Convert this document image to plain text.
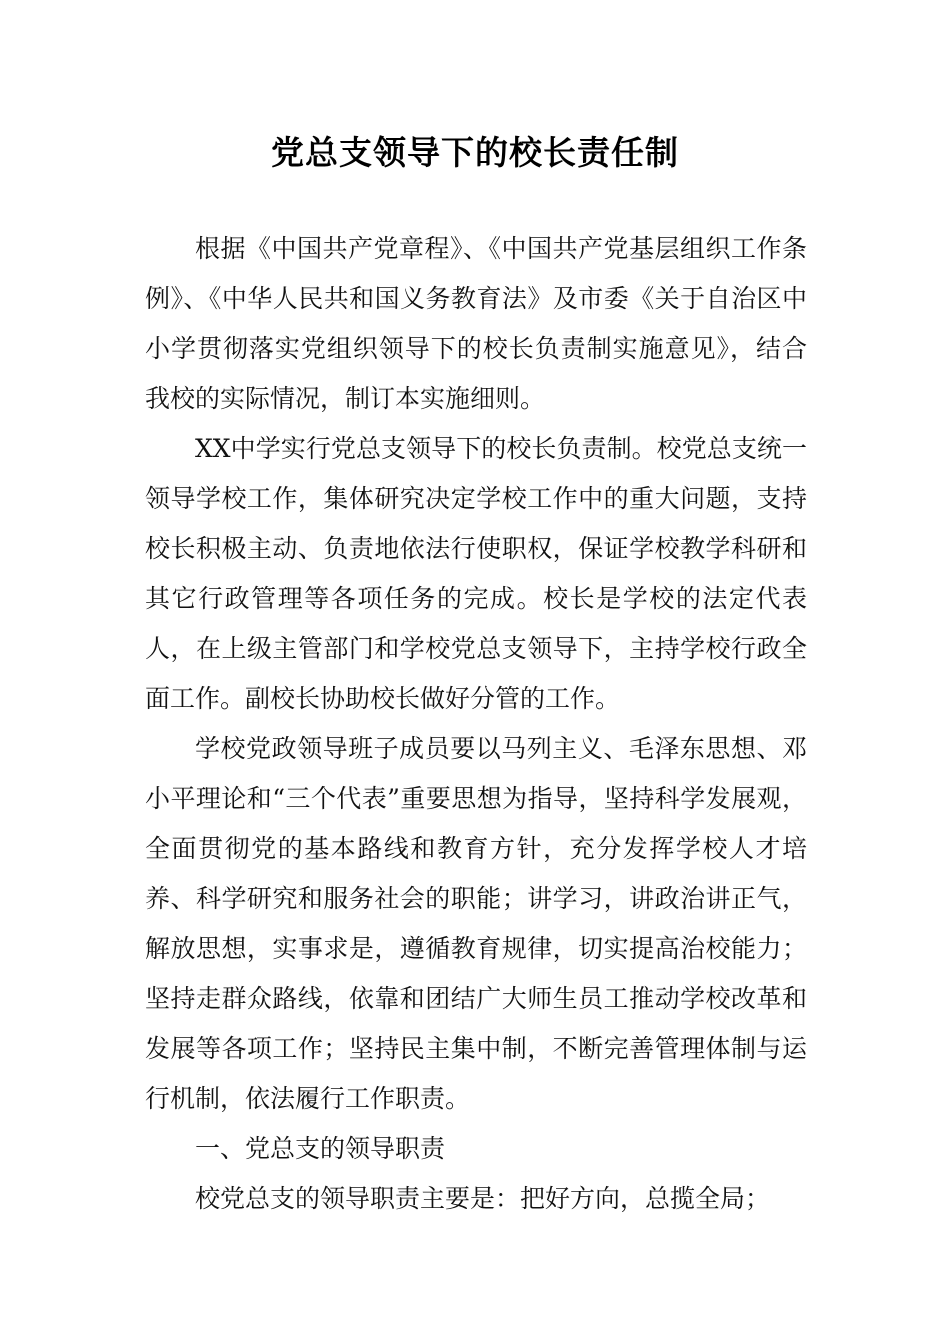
党总支领导下的校长责任制

根据《中国共产党章程》、《中国共产党基层组织工作条例》、《中华人民共和国义务教育法》及市委《关于自治区中小学贯彻落实党组织领导下的校长负责制实施意见》，结合我校的实际情况，制订本实施细则。

XX中学实行党总支领导下的校长负责制。校党总支统一领导学校工作，集体研究决定学校工作中的重大问题，支持校长积极主动、负责地依法行使职权，保证学校教学科研和其它行政管理等各项任务的完成。校长是学校的法定代表人，在上级主管部门和学校党总支领导下，主持学校行政全面工作。副校长协助校长做好分管的工作。

学校党政领导班子成员要以马列主义、毛泽东思想、邓小平理论和“三个代表”重要思想为指导，坚持科学发展观，全面贯彻党的基本路线和教育方针，充分发挥学校人才培养、科学研究和服务社会的职能；讲学习，讲政治讲正气，解放思想，实事求是，遵循教育规律，切实提高治校能力；坚持走群众路线，依靠和团结广大师生员工推动学校改革和发展等各项工作；坚持民主集中制，不断完善管理体制与运行机制，依法履行工作职责。

一、党总支的领导职责

校党总支的领导职责主要是：把好方向，总揽全局；
